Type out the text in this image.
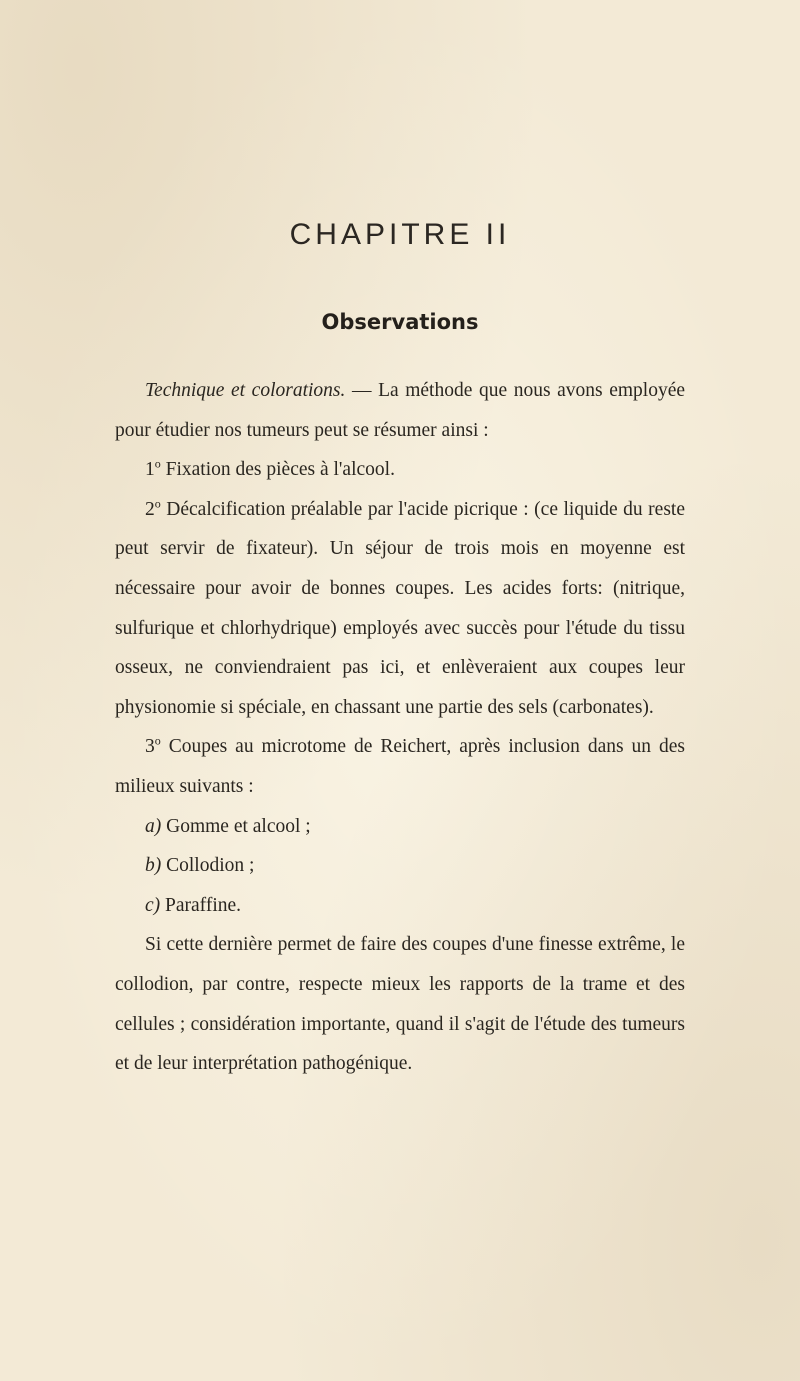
CHAPITRE II
Observations

Technique et colorations. — La méthode que nous avons employée pour étudier nos tumeurs peut se résumer ainsi :

1$^o$ Fixation des pièces à l'alcool.

2$^o$ Décalcification préalable par l'acide picrique : (ce liquide du reste peut servir de fixateur). Un séjour de trois mois en moyenne est nécessaire pour avoir de bonnes coupes. Les acides forts: (nitrique, sulfurique et chlorhydrique) employés avec succès pour l'étude du tissu osseux, ne conviendraient pas ici, et enlèveraient aux coupes leur physionomie si spéciale, en chassant une partie des sels (carbonates).

3$^o$ Coupes au microtome de Reichert, après inclusion dans un des milieux suivants :

a) Gomme et alcool ;

b) Collodion ;

c) Paraffine.

Si cette dernière permet de faire des coupes d'une finesse extrême, le collodion, par contre, respecte mieux les rapports de la trame et des cellules ; considération importante, quand il s'agit de l'étude des tumeurs et de leur interprétation pathogénique.
